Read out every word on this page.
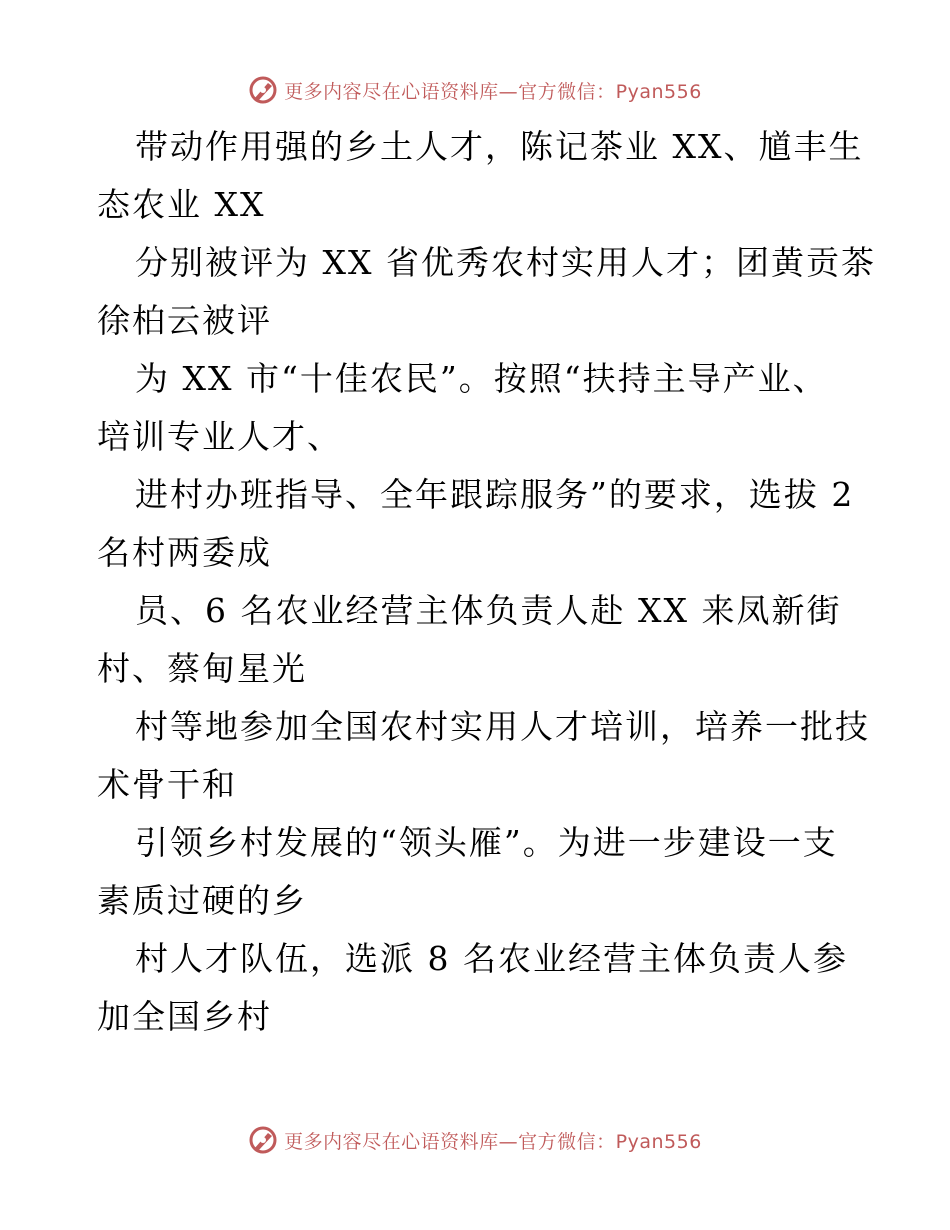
更多内容尽在心语资料库—官方微信：Pyan556
带动作用强的乡土人才，陈记茶业 XX、馗丰生
态农业 XX
分别被评为 XX 省优秀农村实用人才；团黄贡茶
徐柏云被评
为 XX 市“十佳农民”。按照“扶持主导产业、
培训专业人才、
进村办班指导、全年跟踪服务”的要求，选拔 2
名村两委成
员、6 名农业经营主体负责人赴 XX 来凤新街
村、蔡甸星光
村等地参加全国农村实用人才培训，培养一批技
术骨干和
引领乡村发展的“领头雁”。为进一步建设一支
素质过硬的乡
村人才队伍，选派 8 名农业经营主体负责人参
加全国乡村
更多内容尽在心语资料库—官方微信：Pyan556
